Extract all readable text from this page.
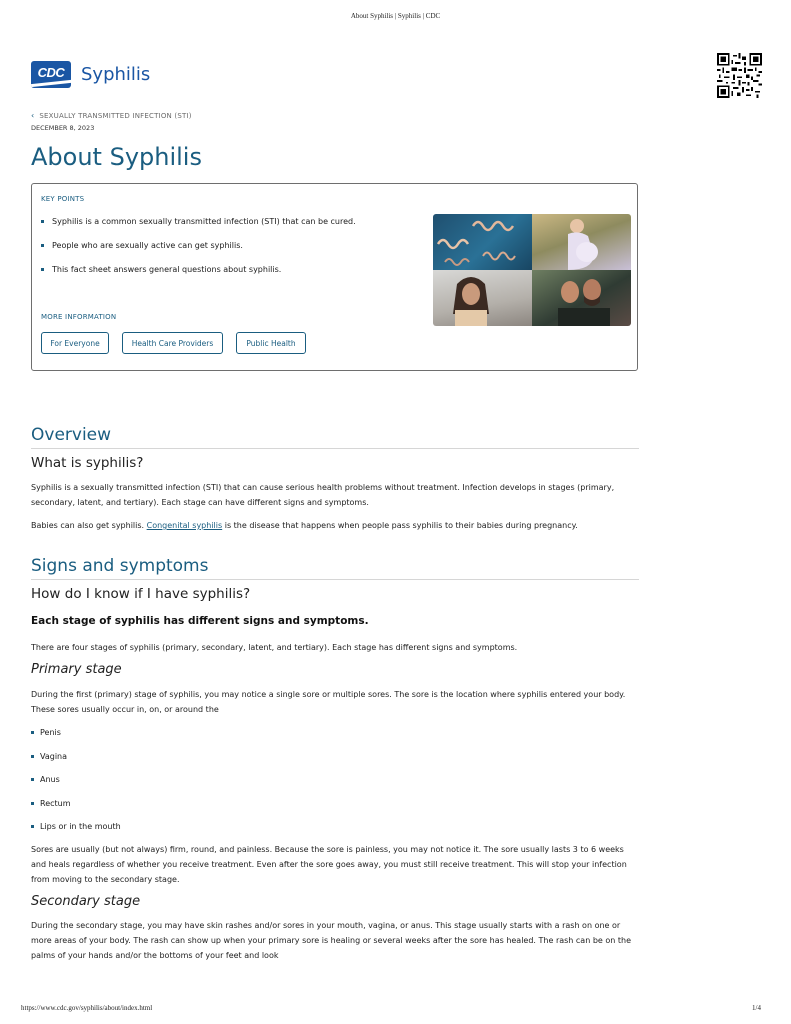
About Syphilis | Syphilis | CDC
CDC Syphilis
‹ SEXUALLY TRANSMITTED INFECTION (STI)
DECEMBER 8, 2023
About Syphilis
KEY POINTS
Syphilis is a common sexually transmitted infection (STI) that can be cured.
People who are sexually active can get syphilis.
This fact sheet answers general questions about syphilis.
MORE INFORMATION
For Everyone	Health Care Providers	Public Health
Overview
What is syphilis?

Syphilis is a sexually transmitted infection (STI) that can cause serious health problems without treatment. Infection develops in stages (primary, secondary, latent, and tertiary). Each stage can have different signs and symptoms.

Babies can also get syphilis. Congenital syphilis is the disease that happens when people pass syphilis to their babies during pregnancy.

Signs and symptoms
How do I know if I have syphilis?
Each stage of syphilis has different signs and symptoms.

There are four stages of syphilis (primary, secondary, latent, and tertiary). Each stage has different signs and symptoms.

Primary stage

During the first (primary) stage of syphilis, you may notice a single sore or multiple sores. The sore is the location where syphilis entered your body. These sores usually occur in, on, or around the

Penis
Vagina
Anus
Rectum
Lips or in the mouth

Sores are usually (but not always) firm, round, and painless. Because the sore is painless, you may not notice it. The sore usually lasts 3 to 6 weeks and heals regardless of whether you receive treatment. Even after the sore goes away, you must still receive treatment. This will stop your infection from moving to the secondary stage.

Secondary stage

During the secondary stage, you may have skin rashes and/or sores in your mouth, vagina, or anus. This stage usually starts with a rash on one or more areas of your body. The rash can show up when your primary sore is healing or several weeks after the sore has healed. The rash can be on the palms of your hands and/or the bottoms of your feet and look

https://www.cdc.gov/syphilis/about/index.html	1/4
